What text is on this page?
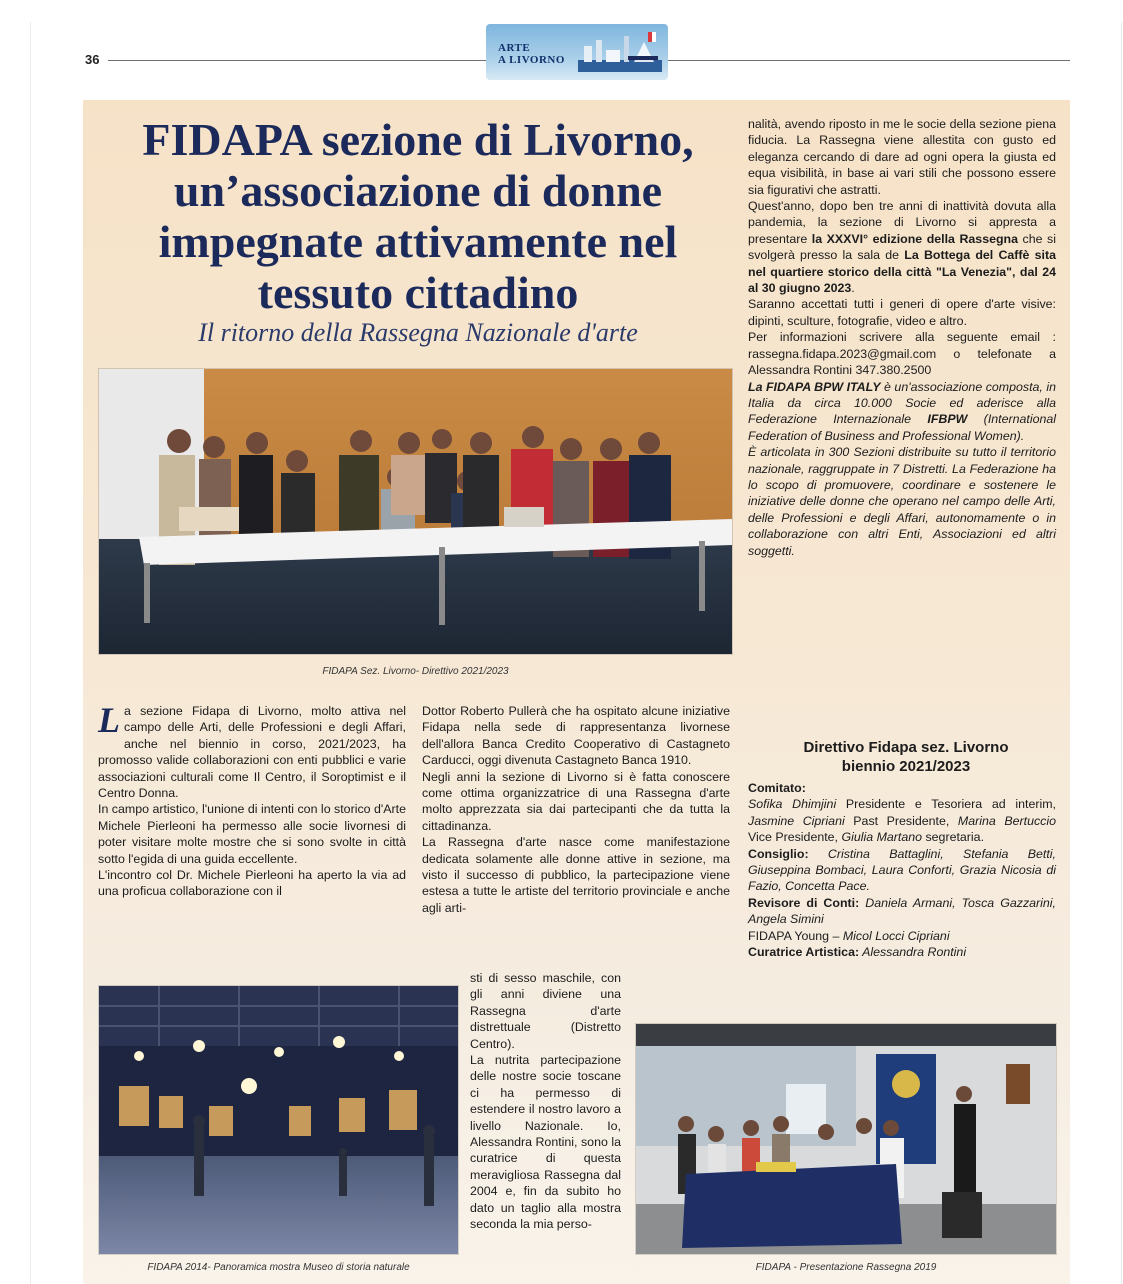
36
ARTE
A LIVORNO
FIDAPA sezione di Livorno, un’associazione di donne impegnate attivamente nel tessuto cittadino
Il ritorno della Rassegna Nazionale d'arte
FIDAPA Sez. Livorno- Direttivo 2021/2023

La sezione Fidapa di Livorno, molto attiva nel campo delle Arti, delle Professioni e degli Affari, anche nel biennio in corso, 2021/2023, ha promosso valide collaborazioni con enti pubblici e varie associazioni culturali come Il Centro, il Soroptimist e il Centro Donna.

In campo artistico, l'unione di intenti con lo storico d'Arte Michele Pierleoni ha permesso alle socie livornesi di poter visitare molte mostre che si sono svolte in città sotto l'egida di una guida eccellente.

L'incontro col Dr. Michele Pierleoni ha aperto la via ad una proficua collaborazione con il

Dottor Roberto Pullerà che ha ospitato alcune iniziative Fidapa nella sede di rappresentanza livornese dell'allora Banca Credito Cooperativo di Castagneto Carducci, oggi divenuta Castagneto Banca 1910.

Negli anni la sezione di Livorno si è fatta conoscere come ottima organizzatrice di una Rassegna d'arte molto apprezzata sia dai partecipanti che da tutta la cittadinanza.

La Rassegna d'arte nasce come manifestazione dedicata solamente alle donne attive in sezione, ma visto il successo di pubblico, la partecipazione viene estesa a tutte le artiste del territorio provinciale e anche agli arti-

sti di sesso maschile, con gli anni diviene una Rassegna d'arte distrettuale (Distretto Centro).

La nutrita partecipazione delle nostre socie toscane ci ha permesso di estendere il nostro lavoro a livello Nazionale. Io, Alessandra Rontini, sono la curatrice di questa meravigliosa Rassegna dal 2004 e, fin da subito ho dato un taglio alla mostra seconda la mia perso-

nalità, avendo riposto in me le socie della sezione piena fiducia. La Rassegna viene allestita con gusto ed eleganza cercando di dare ad ogni opera la giusta ed equa visibilità, in base ai vari stili che possono essere sia figurativi che astratti.

Quest'anno, dopo ben tre anni di inattività dovuta alla pandemia, la sezione di Livorno si appresta a presentare la XXXVI° edizione della Rassegna che si svolgerà presso la sala de La Bottega del Caffè sita nel quartiere storico della città "La Venezia", dal 24 al 30 giugno 2023.

Saranno accettati tutti i generi di opere d'arte visive: dipinti, sculture, fotografie, video e altro.

Per informazioni scrivere alla seguente email : rassegna.fidapa.2023@gmail.com o telefonate a Alessandra Rontini 347.380.2500

La FIDAPA BPW ITALY è un'associazione composta, in Italia da circa 10.000 Socie ed aderisce alla Federazione Internazionale IFBPW (International Federation of Business and Professional Women).

È articolata in 300 Sezioni distribuite su tutto il territorio nazionale, raggruppate in 7 Distretti. La Federazione ha lo scopo di promuovere, coordinare e sostenere le iniziative delle donne che operano nel campo delle Arti, delle Professioni e degli Affari, autonomamente o in collaborazione con altri Enti, Associazioni ed altri soggetti.

Direttivo Fidapa sez. Livorno
biennio 2021/2023

Comitato:

Sofika Dhimjini Presidente e Tesoriera ad interim, Jasmine Cipriani Past Presidente, Marina Bertuccio Vice Presidente, Giulia Martano segretaria.

Consiglio: Cristina Battaglini, Stefania Betti, Giuseppina Bombaci, Laura Conforti, Grazia Nicosia di Fazio, Concetta Pace.

Revisore di Conti: Daniela Armani, Tosca Gazzarini, Angela Simini

FIDAPA Young – Micol Locci Cipriani

Curatrice Artistica: Alessandra Rontini

FIDAPA 2014- Panoramica mostra Museo di storia naturale	FIDAPA - Presentazione Rassegna 2019
